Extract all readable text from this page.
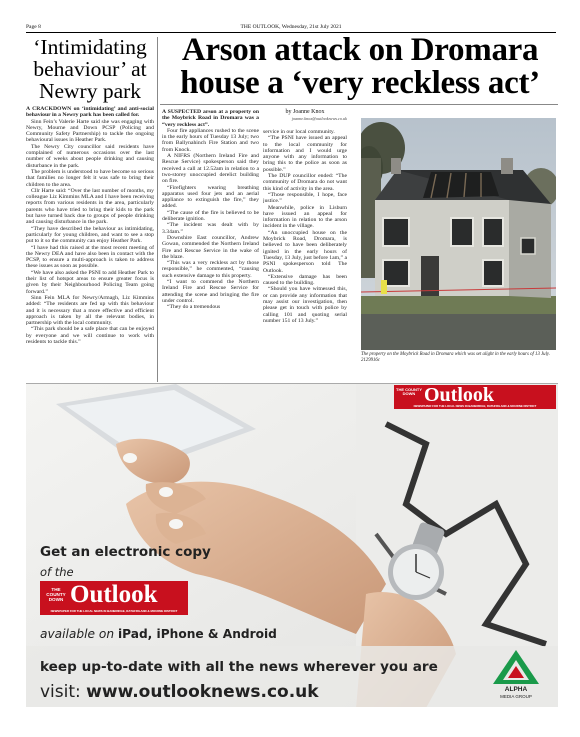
Page 8	THE OUTLOOK, Wednesday, 21st July 2021
‘Intimidating behaviour’ at Newry park
Arson attack on Dromara house a ‘very reckless act’

A CRACKDOWN on ‘intimidating’ and anti-social behaviour in a Newry park has been called for.

Sinn Fein’s Valerie Harte said she was engaging with Newry, Mourne and Down PCSP (Policing and Community Safety Partnership) to tackle the ongoing behavioural issues in Heather Park.

The Newry City councillor said residents have complained of numerous occasions over the last number of weeks about people drinking and causing disturbance in the park.

The problem is understood to have become so serious that families no longer felt it was safe to bring their children to the area.

Cllr Harte said: “Over the last number of months, my colleague Liz Kimmins MLA and I have been receiving reports from various residents in the area, particularly parents who have tried to bring their kids to the park but have turned back due to groups of people drinking and causing disturbance in the park.

“They have described the behaviour as intimidating, particularly for young children, and want to see a stop put to it so the community can enjoy Heather Park.

“I have had this raised at the most recent meeting of the Newry DEA and have also been in contact with the PCSP, to ensure a multi-approach is taken to address these issues as soon as possible.

“We have also asked the PSNI to add Heather Park to their list of hotspot areas to ensure greater focus is given by their Neighbourhood Policing Team going forward.”

Sinn Fein MLA for Newry/Armagh, Liz Kimmins added: “The residents are fed up with this behaviour and it is necessary that a more effective and efficient approach is taken by all the relevant bodies, in partnership with the local community.

“This park should be a safe place that can be enjoyed by everyone and we will continue to work with residents to tackle this.”

A SUSPECTED arson at a property on the Moybrick Road in Dromara was a “very reckless act”.

Four fire appliances rushed to the scene in the early hours of Tuesday 13 July; two from Ballynahinch Fire Station and two from Knock.

A NIFRS (Northern Ireland Fire and Rescue Service) spokesperson said they received a call at 12.52am in relation to a two-storey unoccupied derelict building on fire.

“Firefighters wearing breathing apparatus used four jets and an aerial appliance to extinguish the fire,” they added.

“The cause of the fire is believed to be deliberate ignition.

“The incident was dealt with by 3.34am.”

Downshire East councillor, Andrew Gowan, commended the Northern Ireland Fire and Rescue Service in the wake of the blaze.

“This was a very reckless act by those responsible,” he commented, “causing such extensive damage to this property.

“I want to commend the Northern Ireland Fire and Rescue Service for attending the scene and bringing the fire under control.

“They do a tremendous

by Joanne Knox
joanne.knox@outlooknews.co.uk

service in our local community.

“The PSNI have issued an appeal to the local community for information and I would urge anyone with any information to bring this to the police as soon as possible.”

The DUP councillor ended: “The community of Dromara do not want this kind of activity in the area.

“Those responsible, I hope, face justice.”

Meanwhile, police in Lisburn have issued an appeal for information in relation to the arson incident in the village.

“An unoccupied house on the Moybrick Road, Dromara, is believed to have been deliberately ignited in the early hours of Tuesday, 13 July, just before 1am,” a PSNI spokesperson told The Outlook.

“Extensive damage has been caused to the building.

“Should you have witnessed this, or can provide any information that may assist our investigation, then please get in touch with police by calling 101 and quoting serial number 151 of 13 July.”

The property on the Moybrick Road in Dromara which was set alight in the early hours of 13 July. 2129916c
THE COUNTY DOWN Outlook
NEWSPAPER FOR THE LOCAL NEWS IN BANBRIDGE, RATHFRILAND & MOURNE DISTRICT
Get an electronic copy
of the
THE COUNTY DOWN Outlook
NEWSPAPER FOR THE LOCAL NEWS IN BANBRIDGE, RATHFRILAND & MOURNE DISTRICT
available on iPad, iPhone & Android
keep up-to-date with all the news wherever you are
visit: www.outlooknews.co.uk	ALPHA
MEDIA GROUP
